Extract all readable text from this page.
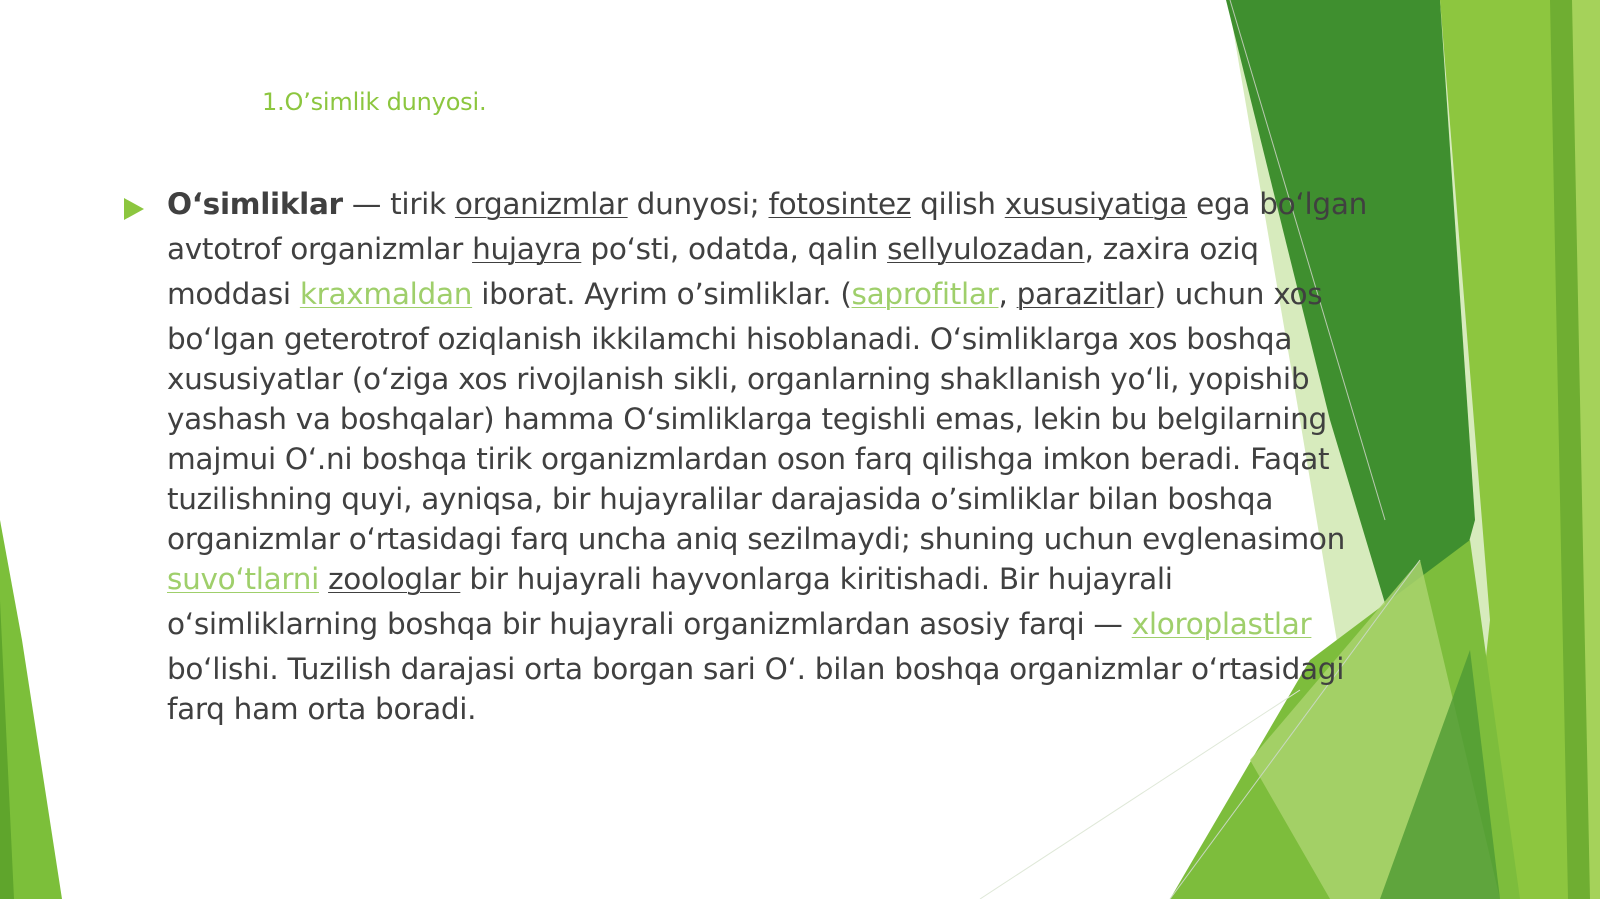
1.O’simlik dunyosi.

O‘simliklar — tirik organizmlar dunyosi; fotosintez qilish xususiyatiga ega bo‘lgan
avtotrof organizmlar hujayra po‘sti, odatda, qalin sellyulozadan, zaxira oziq
moddasi kraxmaldan iborat. Ayrim o’simliklar. (saprofitlar, parazitlar) uchun xos
bo‘lgan geterotrof oziqlanish ikkilamchi hisoblanadi. O‘simliklarga xos boshqa
xususiyatlar (o‘ziga xos rivojlanish sikli, organlarning shakllanish yo‘li, yopishib
yashash va boshqalar) hamma O‘simliklarga tegishli emas, lekin bu belgilarning
majmui O‘.ni boshqa tirik organizmlardan oson farq qilishga imkon beradi. Faqat
tuzilishning quyi, ayniqsa, bir hujayralilar darajasida o’simliklar bilan boshqa
organizmlar o‘rtasidagi farq uncha aniq sezilmaydi; shuning uchun evglenasimon
suvo‘tlarni zoologlar bir hujayrali hayvonlarga kiritishadi. Bir hujayrali
o‘simliklarning boshqa bir hujayrali organizmlardan asosiy farqi — xloroplastlar
bo‘lishi. Tuzilish darajasi orta borgan sari O‘. bilan boshqa organizmlar o‘rtasidagi
farq ham orta boradi.
